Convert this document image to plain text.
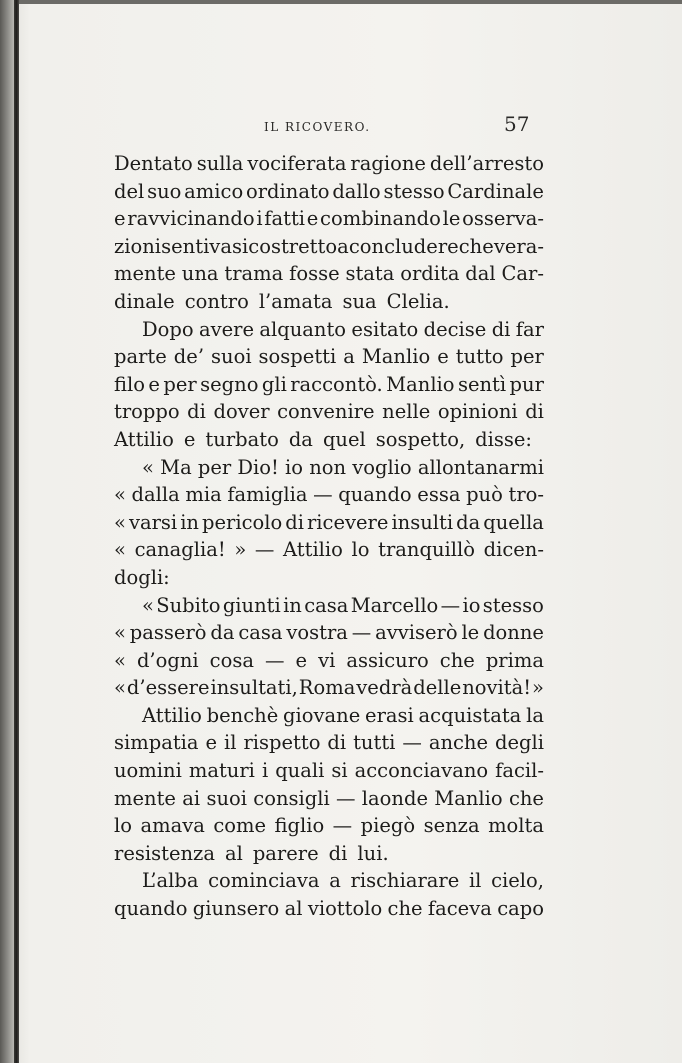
IL RICOVERO.	57
Dentato sulla vociferata ragione dell’arresto
del suo amico ordinato dallo stesso Cardinale
e ravvicinando i fatti e combinando le osserva-
zioni sentivasi costretto a concludere che vera-
mente una trama fosse stata ordita dal Car-
dinale contro l’amata sua Clelia.
Dopo avere alquanto esitato decise di far
parte de’ suoi sospetti a Manlio e tutto per
filo e per segno gli raccontò. Manlio sentì pur
troppo di dover convenire nelle opinioni di
Attilio e turbato da quel sospetto, disse:
« Ma per Dio! io non voglio allontanarmi
« dalla mia famiglia — quando essa può tro-
« varsi in pericolo di ricevere insulti da quella
« canaglia! » — Attilio lo tranquillò dicen-
dogli:
« Subito giunti in casa Marcello — io stesso
« passerò da casa vostra — avviserò le donne
« d’ogni cosa — e vi assicuro che prima
« d’essere insultati, Roma vedrà delle novità! »
Attilio benchè giovane erasi acquistata la
simpatia e il rispetto di tutti — anche degli
uomini maturi i quali si acconciavano facil-
mente ai suoi consigli — laonde Manlio che
lo amava come figlio — piegò senza molta
resistenza al parere di lui.
L’alba cominciava a rischiarare il cielo,
quando giunsero al viottolo che faceva capo
